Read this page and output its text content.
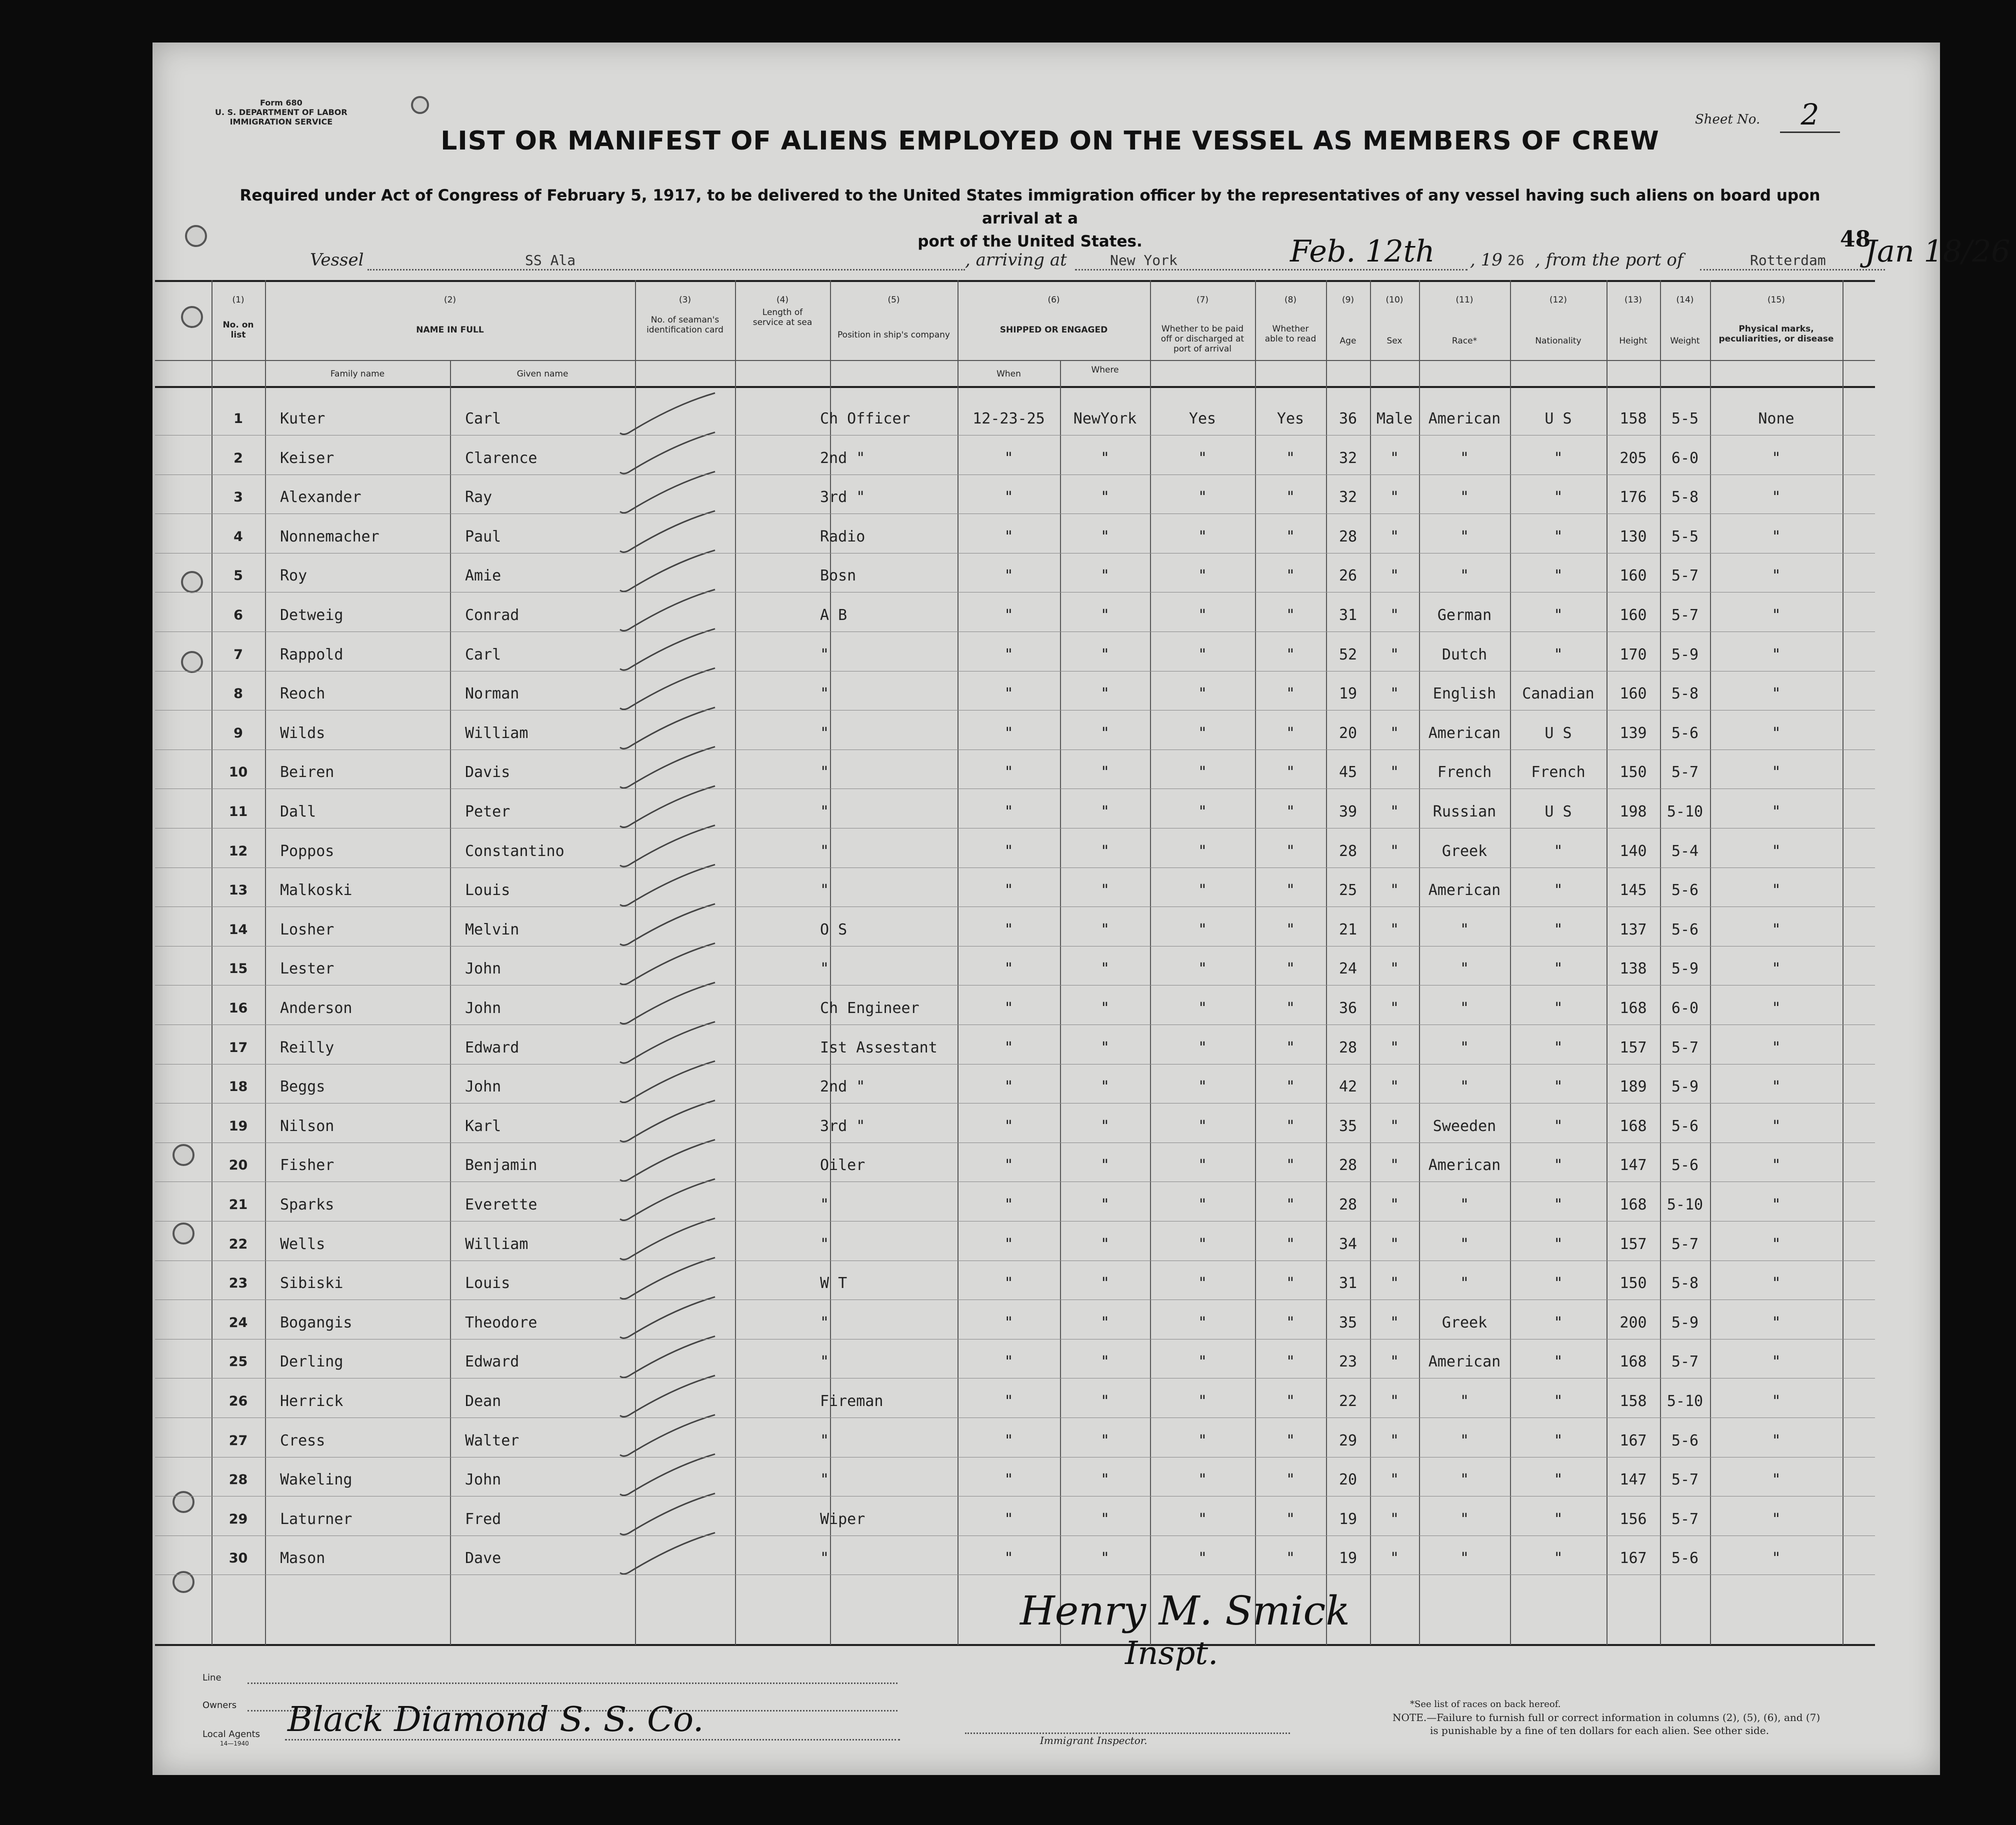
Form 680
U. S. DEPARTMENT OF LABOR
IMMIGRATION SERVICE	Sheet No.	2
LIST OR MANIFEST OF ALIENS EMPLOYED ON THE VESSEL AS MEMBERS OF CREW
Required under Act of Congress of February 5, 1917, to be delivered to the United States immigration officer by the representatives of any vessel having such aliens on board upon arrival at a
port of the United States.	48
Vessel	SS Ala	, arriving at	New York	Feb. 12th , 19 26 , from the port of	Rotterdam Jan 18/26
(1)
No. on list
(2)
NAME IN FULL
Family name	Given name
(3)
No. of seaman's identification card
(4)
Length of service at sea
(5)
Position in ship's company
(6)
SHIPPED OR ENGAGED
When	Where
(7)
Whether to be paid off or discharged at port of arrival
(8)
Whether able to read
(9)
Age
(10)
Sex
(11)
Race*
(12)
Nationality
(13)
Height
(14)
Weight
(15)
Physical marks, peculiarities, or disease
1	Kuter	Carl	Ch Officer	12-23-25	NewYork	Yes	Yes	36	Male	American	U S	158	5-5	None
2	Keiser	Clarence	2nd "	"	"	"	"	32	"	"	"	205	6-0	"
3	Alexander	Ray	3rd "	"	"	"	"	32	"	"	"	176	5-8	"
4	Nonnemacher	Paul	Radio	"	"	"	"	28	"	"	"	130	5-5	"
5	Roy	Amie	Bosn	"	"	"	"	26	"	"	"	160	5-7	"
6	Detweig	Conrad	A B	"	"	"	"	31	"	German	"	160	5-7	"
7	Rappold	Carl	"	"	"	"	"	52	"	Dutch	"	170	5-9	"
8	Reoch	Norman	"	"	"	"	"	19	"	English	Canadian	160	5-8	"
9	Wilds	William	"	"	"	"	"	20	"	American	U S	139	5-6	"
10	Beiren	Davis	"	"	"	"	"	45	"	French	French	150	5-7	"
11	Dall	Peter	"	"	"	"	"	39	"	Russian	U S	198	5-10	"
12	Poppos	Constantino	"	"	"	"	"	28	"	Greek	"	140	5-4	"
13	Malkoski	Louis	"	"	"	"	"	25	"	American	"	145	5-6	"
14	Losher	Melvin	O S	"	"	"	"	21	"	"	"	137	5-6	"
15	Lester	John	"	"	"	"	"	24	"	"	"	138	5-9	"
16	Anderson	John	Ch Engineer	"	"	"	"	36	"	"	"	168	6-0	"
17	Reilly	Edward	Ist Assestant	"	"	"	"	28	"	"	"	157	5-7	"
18	Beggs	John	2nd "	"	"	"	"	42	"	"	"	189	5-9	"
19	Nilson	Karl	3rd "	"	"	"	"	35	"	Sweeden	"	168	5-6	"
20	Fisher	Benjamin	Oiler	"	"	"	"	28	"	American	"	147	5-6	"
21	Sparks	Everette	"	"	"	"	"	28	"	"	"	168	5-10	"
22	Wells	William	"	"	"	"	"	34	"	"	"	157	5-7	"
23	Sibiski	Louis	W T	"	"	"	"	31	"	"	"	150	5-8	"
24	Bogangis	Theodore	"	"	"	"	"	35	"	Greek	"	200	5-9	"
25	Derling	Edward	"	"	"	"	"	23	"	American	"	168	5-7	"
26	Herrick	Dean	Fireman	"	"	"	"	22	"	"	"	158	5-10	"
27	Cress	Walter	"	"	"	"	"	29	"	"	"	167	5-6	"
28	Wakeling	John	"	"	"	"	"	20	"	"	"	147	5-7	"
29	Laturner	Fred	Wiper	"	"	"	"	19	"	"	"	156	5-7	"
30	Mason	Dave	"	"	"	"	"	19	"	"	"	167	5-6	"
Line
Owners
Local Agents
14—1940
Black Diamond S. S. Co.
Henry M. Smick
Inspt.
Immigrant Inspector.
*See list of races on back hereof.
NOTE.—Failure to furnish full or correct information in columns (2), (5), (6), and (7)
is punishable by a fine of ten dollars for each alien. See other side.
